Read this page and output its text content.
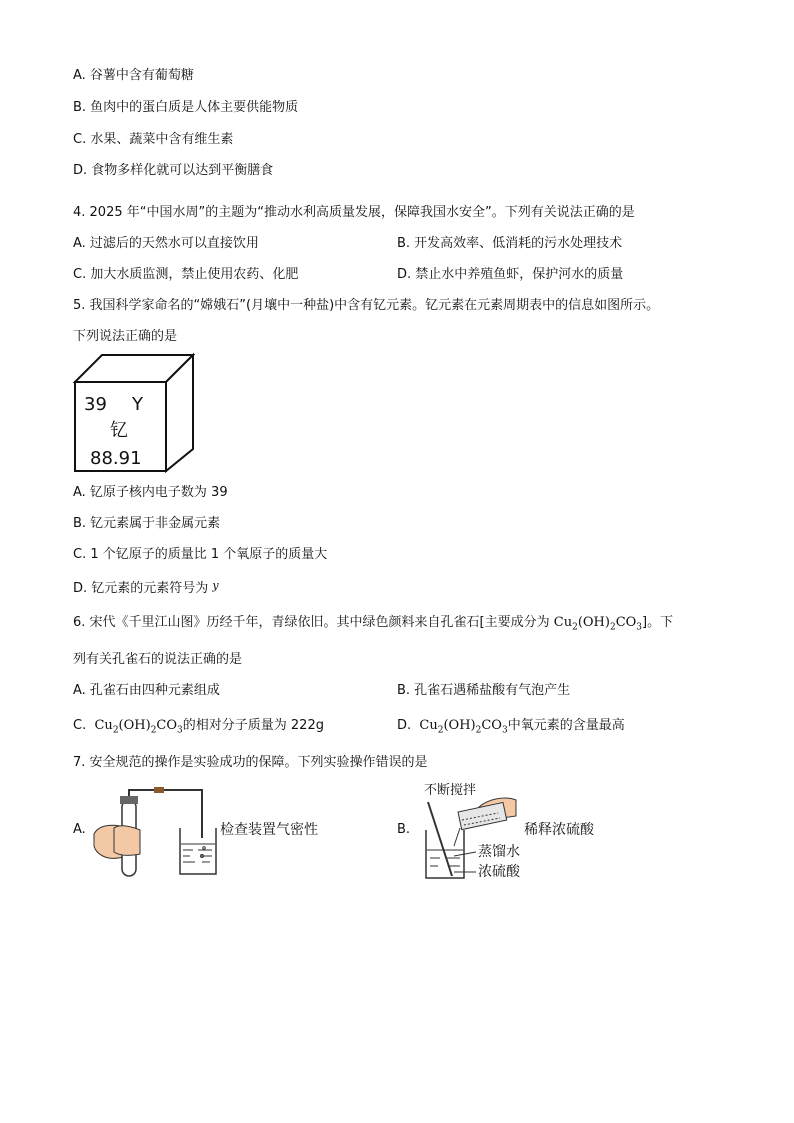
A. 谷薯中含有葡萄糖
B. 鱼肉中的蛋白质是人体主要供能物质
C. 水果、蔬菜中含有维生素
D. 食物多样化就可以达到平衡膳食
4. 2025 年“中国水周”的主题为“推动水利高质量发展，保障我国水安全”。下列有关说法正确的是
A. 过滤后的天然水可以直接饮用	B. 开发高效率、低消耗的污水处理技术
C. 加大水质监测，禁止使用农药、化肥	D. 禁止水中养殖鱼虾，保护河水的质量
5. 我国科学家命名的“嫦娥石”(月壤中一种盐)中含有钇元素。钇元素在元素周期表中的信息如图所示。
下列说法正确的是
39 Y
钇
88.91
A. 钇原子核内电子数为 39
B. 钇元素属于非金属元素
C. 1 个钇原子的质量比 1 个氧原子的质量大
D. 钇元素的元素符号为 $^y$
6. 宋代《千里江山图》历经千年，青绿依旧。其中绿色颜料来自孔雀石[主要成分为 $Cu_2(OH)_2CO_3$]。下
列有关孔雀石的说法正确的是
A. 孔雀石由四种元素组成	B. 孔雀石遇稀盐酸有气泡产生
C. $Cu_2(OH)_2CO_3$的相对分子质量为 222g	D. $Cu_2(OH)_2CO_3$中氧元素的含量最高
7. 安全规范的操作是实验成功的保障。下列实验操作错误的是
A.	检查装置气密性	B.
不断搅拌
蒸馏水
浓硫酸
稀释浓硫酸
